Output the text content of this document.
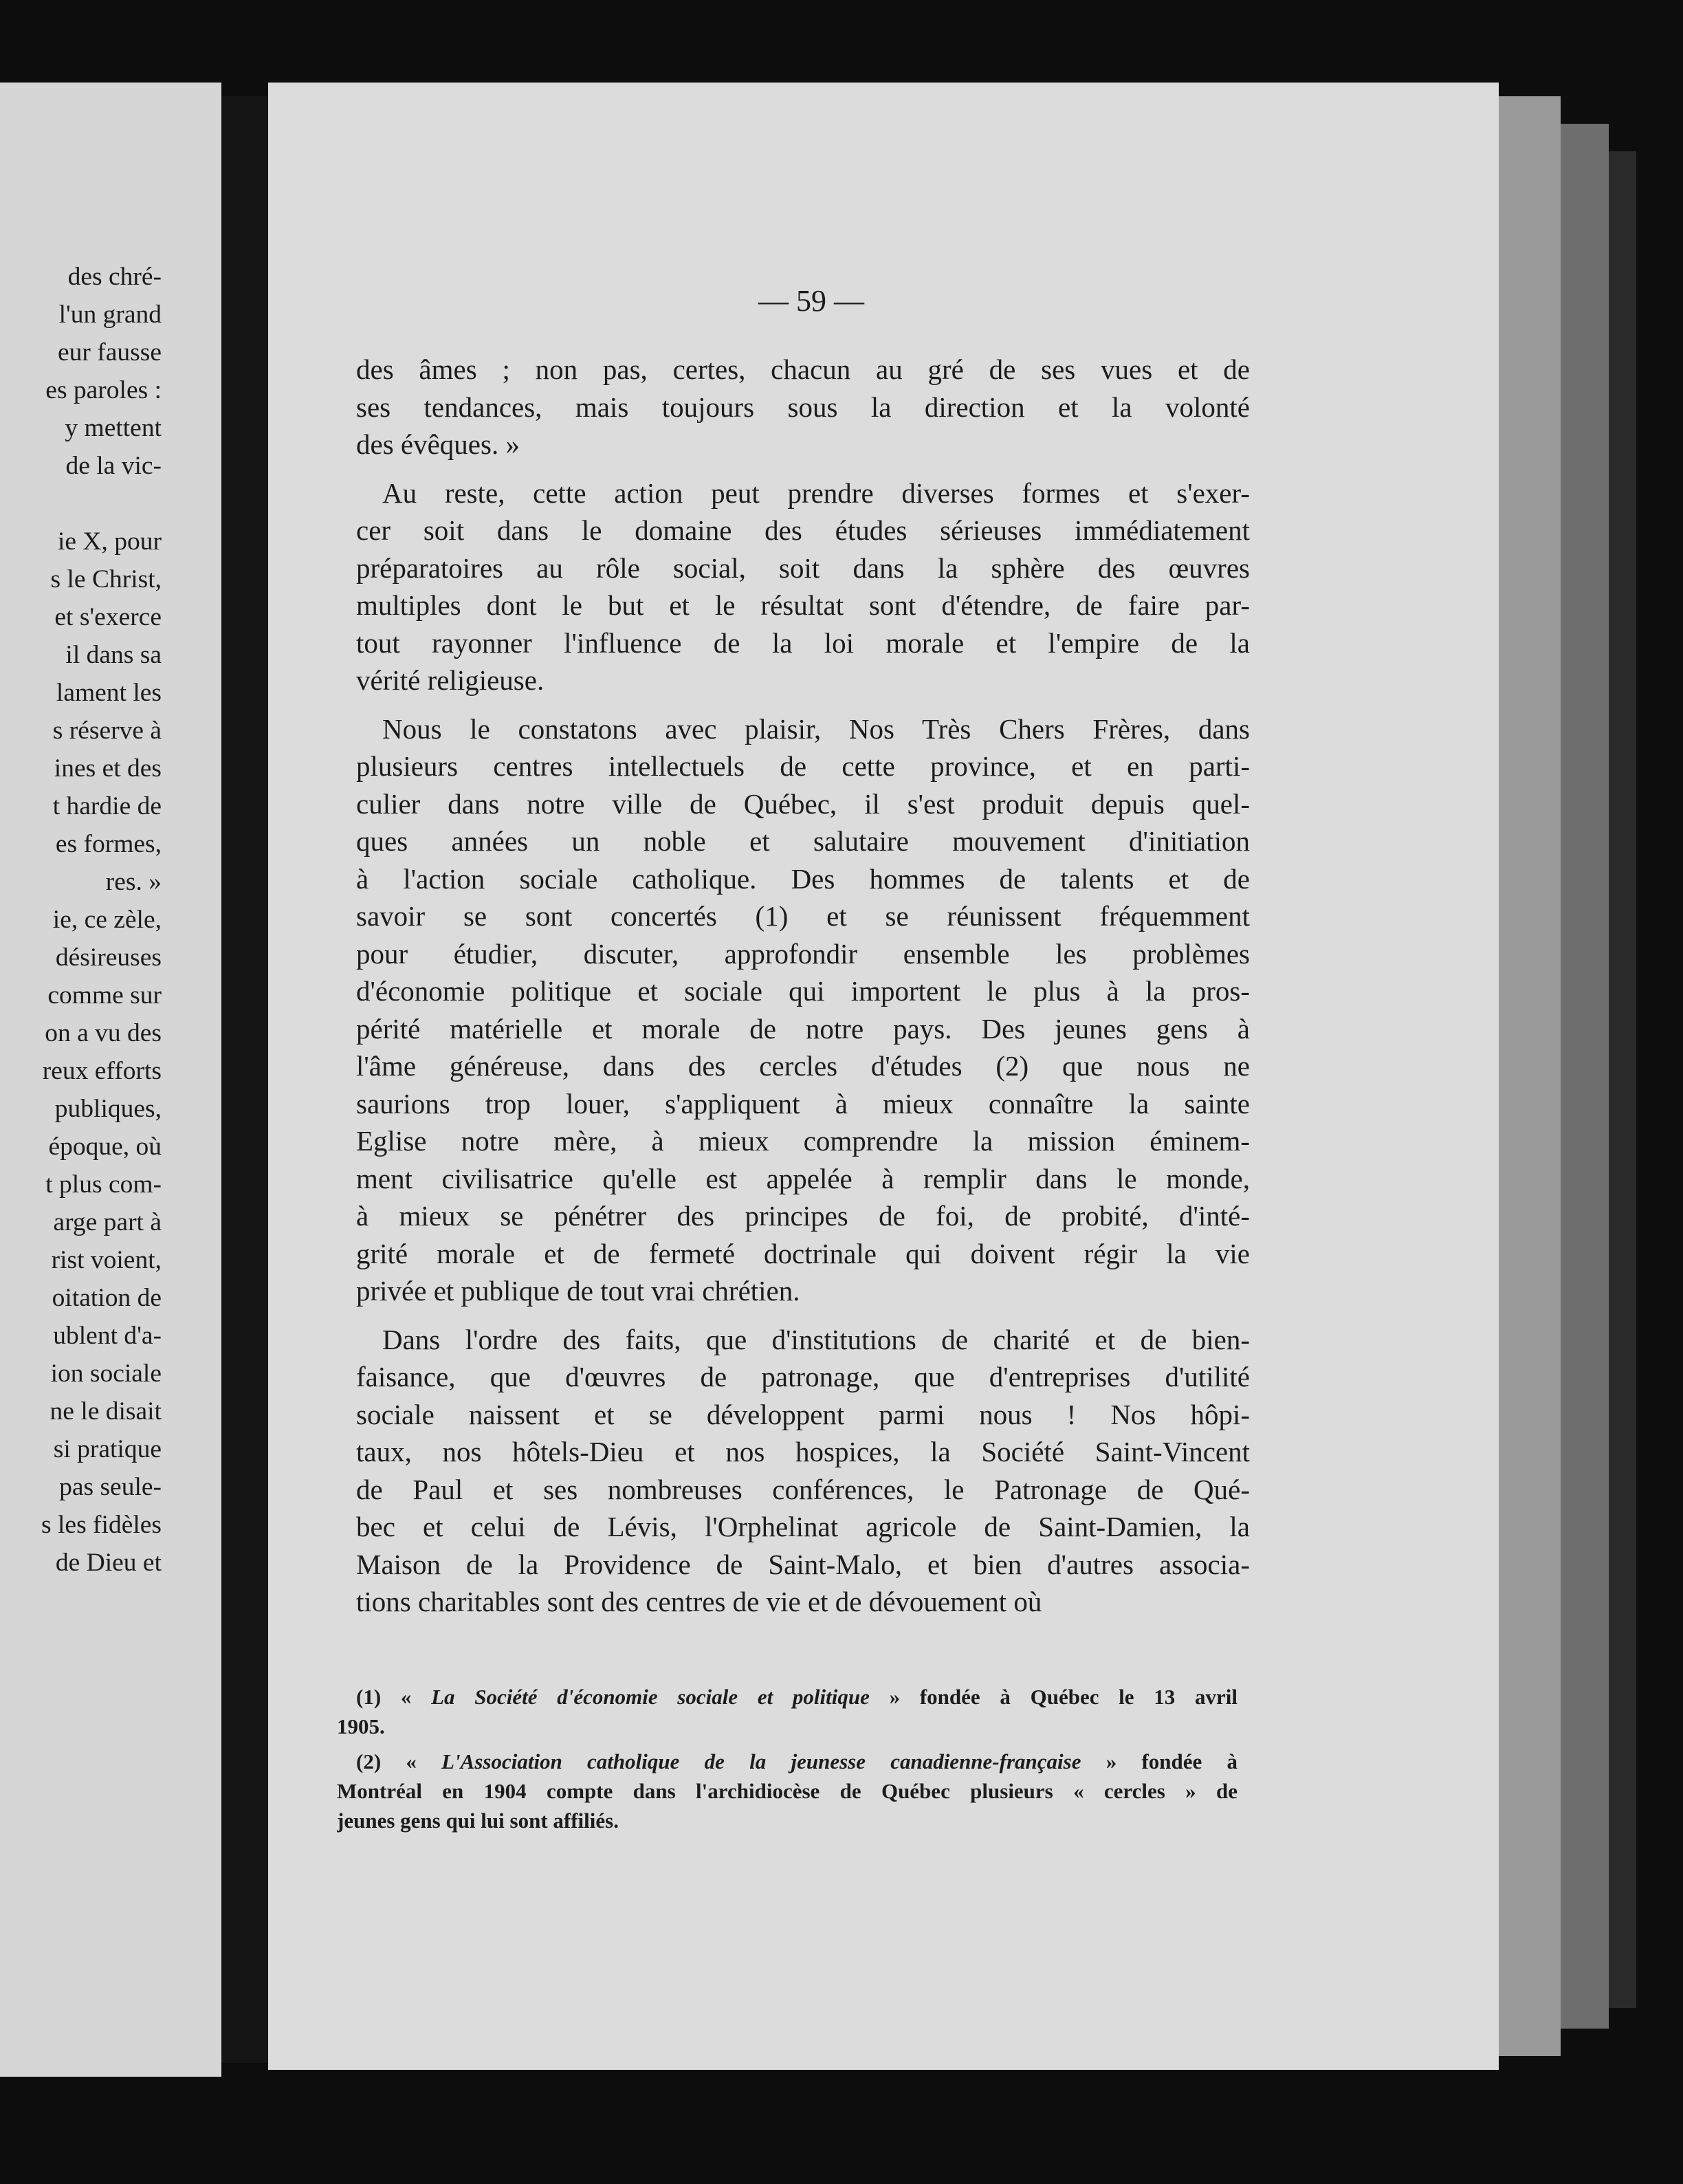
des chré-
l'un grand
eur fausse
es paroles :
y mettent
de la vic-
ie X, pour
s le Christ,
et s'exerce
il dans sa
lament les
s réserve à
ines et des
t hardie de
es formes,
res. »
ie, ce zèle,
désireuses
comme sur
on a vu des
reux efforts
publiques,
époque, où
t plus com-
arge part à
rist voient,
oitation de
ublent d'a-
ion sociale
ne le disait
si pratique
pas seule-
s les fidèles
de Dieu et
— 59 —
des âmes ; non pas, certes, chacun au gré de ses vues et de
ses tendances, mais toujours sous la direction et la volonté
des évêques. »
Au reste, cette action peut prendre diverses formes et s'exer-
cer soit dans le domaine des études sérieuses immédiatement
préparatoires au rôle social, soit dans la sphère des œuvres
multiples dont le but et le résultat sont d'étendre, de faire par-
tout rayonner l'influence de la loi morale et l'empire de la
vérité religieuse.
Nous le constatons avec plaisir, Nos Très Chers Frères, dans
plusieurs centres intellectuels de cette province, et en parti-
culier dans notre ville de Québec, il s'est produit depuis quel-
ques années un noble et salutaire mouvement d'initiation
à l'action sociale catholique. Des hommes de talents et de
savoir se sont concertés (1) et se réunissent fréquemment
pour étudier, discuter, approfondir ensemble les problèmes
d'économie politique et sociale qui importent le plus à la pros-
périté matérielle et morale de notre pays. Des jeunes gens à
l'âme généreuse, dans des cercles d'études (2) que nous ne
saurions trop louer, s'appliquent à mieux connaître la sainte
Eglise notre mère, à mieux comprendre la mission éminem-
ment civilisatrice qu'elle est appelée à remplir dans le monde,
à mieux se pénétrer des principes de foi, de probité, d'inté-
grité morale et de fermeté doctrinale qui doivent régir la vie
privée et publique de tout vrai chrétien.
Dans l'ordre des faits, que d'institutions de charité et de bien-
faisance, que d'œuvres de patronage, que d'entreprises d'utilité
sociale naissent et se développent parmi nous ! Nos hôpi-
taux, nos hôtels-Dieu et nos hospices, la Société Saint-Vincent
de Paul et ses nombreuses conférences, le Patronage de Qué-
bec et celui de Lévis, l'Orphelinat agricole de Saint-Damien, la
Maison de la Providence de Saint-Malo, et bien d'autres associa-
tions charitables sont des centres de vie et de dévouement où
(1) « La Société d'économie sociale et politique » fondée à Québec le 13 avril
1905.
(2) « L'Association catholique de la jeunesse canadienne-française » fondée à
Montréal en 1904 compte dans l'archidiocèse de Québec plusieurs « cercles » de
jeunes gens qui lui sont affiliés.
